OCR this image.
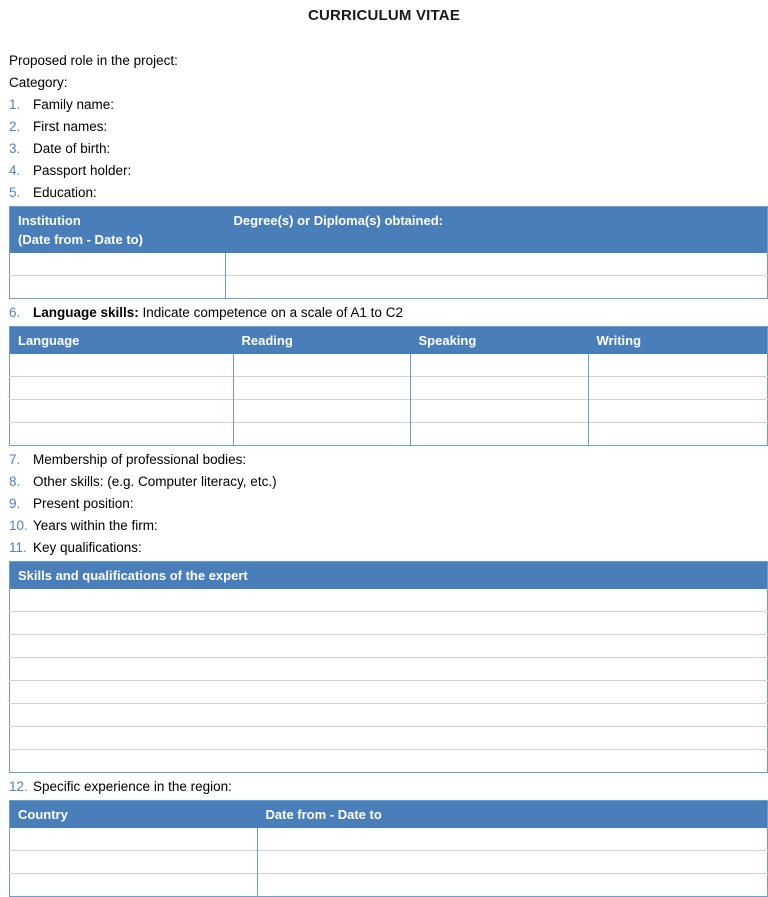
CURRICULUM VITAE
Proposed role in the project:
Category:
1. Family name:
2. First names:
3. Date of birth:
4. Passport holder:
5. Education:
Institution
(Date from - Date to)	Degree(s) or Diploma(s) obtained:

6. Language skills: Indicate competence on a scale of A1 to C2
Language	Reading	Speaking	Writing

7. Membership of professional bodies:
8. Other skills: (e.g. Computer literacy, etc.)
9. Present position:
10. Years within the firm:
11. Key qualifications:
Skills and qualifications of the expert

12. Specific experience in the region:
Country	Date from - Date to
